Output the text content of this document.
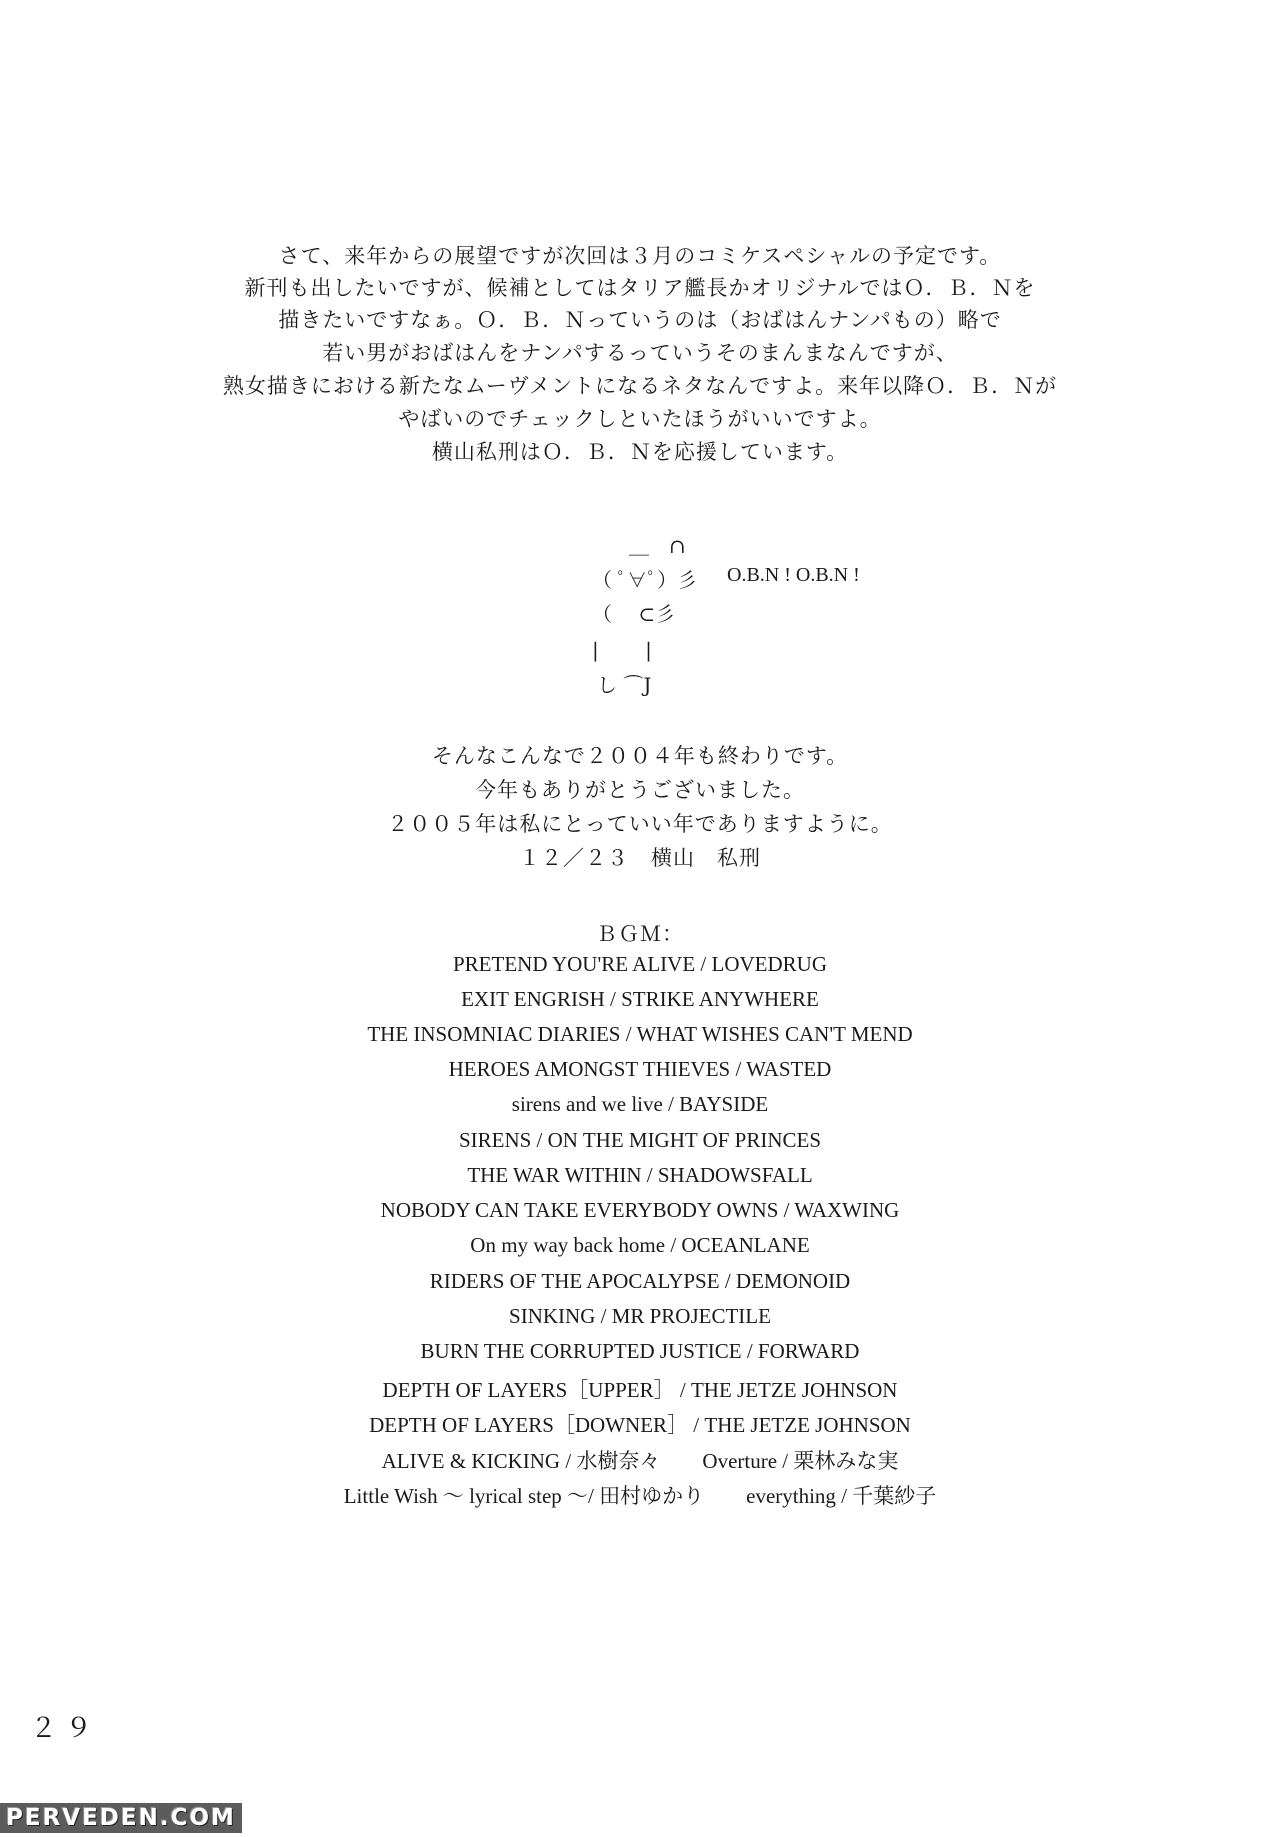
さて、来年からの展望ですが次回は３月のコミケスペシャルの予定です。
新刊も出したいですが、候補としてはタリア艦長かオリジナルではＯ．Ｂ．Ｎを
描きたいですなぁ。Ｏ．Ｂ．Ｎっていうのは（おばはんナンパもの）略で
若い男がおばはんをナンパするっていうそのまんまなんですが、
熟女描きにおける新たなムーヴメントになるネタなんですよ。来年以降Ｏ．Ｂ．Ｎが
やばいのでチェックしといたほうがいいですよ。
横山私刑はＯ．Ｂ．Ｎを応援しています。
＿　∩
（ ﾟ∀ﾟ）彡 O.B.N ! O.B.N !
（　 ⊂彡
|　　 |
し ⌒J
そんなこんなで２００４年も終わりです。
今年もありがとうございました。
２００５年は私にとっていい年でありますように。
１２／２３　横山　私刑
ＢＧＭ：
PRETEND YOU'RE ALIVE / LOVEDRUG
EXIT ENGRISH / STRIKE ANYWHERE
THE INSOMNIAC DIARIES / WHAT WISHES CAN'T MEND
HEROES AMONGST THIEVES / WASTED
sirens and we live / BAYSIDE
SIRENS / ON THE MIGHT OF PRINCES
THE WAR WITHIN / SHADOWSFALL
NOBODY CAN TAKE EVERYBODY OWNS / WAXWING
On my way back home / OCEANLANE
RIDERS OF THE APOCALYPSE / DEMONOID
SINKING / MR PROJECTILE
BURN THE CORRUPTED JUSTICE / FORWARD
DEPTH OF LAYERS［UPPER］ / THE JETZE JOHNSON
DEPTH OF LAYERS［DOWNER］ / THE JETZE JOHNSON
ALIVE & KICKING / 水樹奈々　　Overture / 栗林みな実
Little Wish ～ lyrical step ～/ 田村ゆかり　　everything / 千葉紗子
２９
PERVEDEN.COM
